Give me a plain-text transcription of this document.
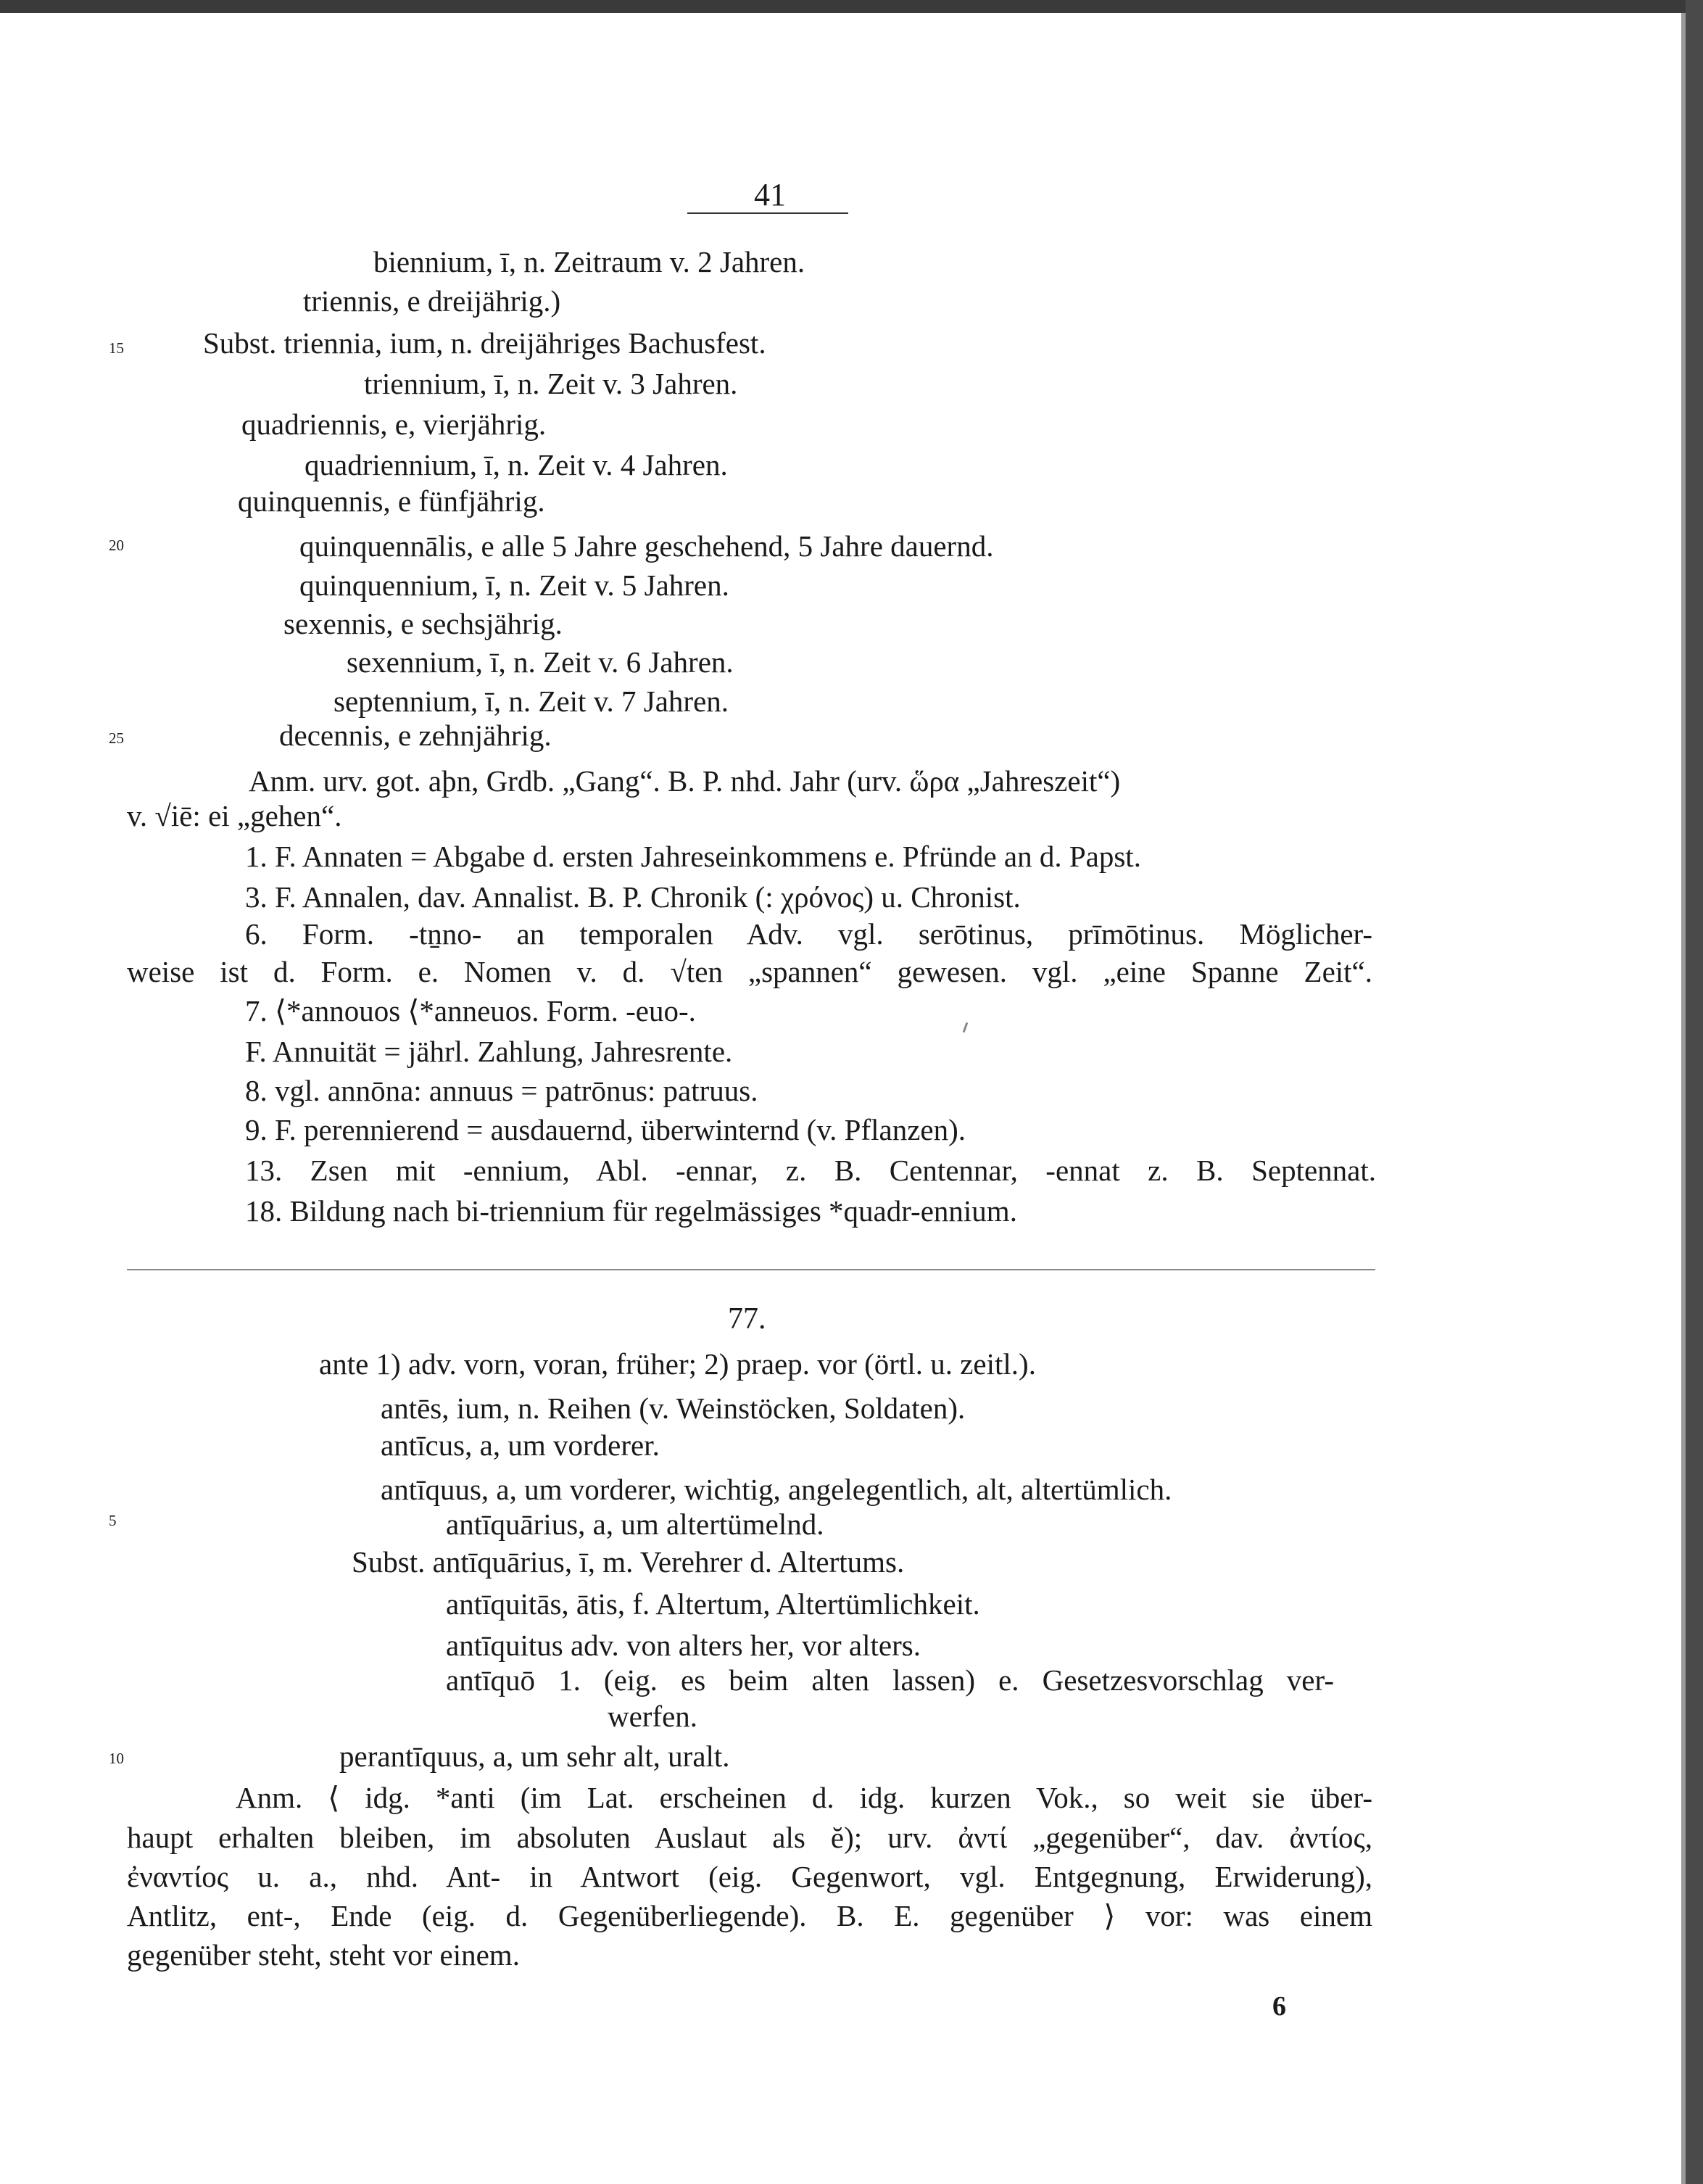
41
biennium, ī, n. Zeitraum v. 2 Jahren.
triennis, e dreijährig.)
15	Subst. triennia, ium, n. dreijähriges Bachusfest.
triennium, ī, n. Zeit v. 3 Jahren.
quadriennis, e, vierjährig.
quadriennium, ī, n. Zeit v. 4 Jahren.
quinquennis, e fünfjährig.
20	quinquennālis, e alle 5 Jahre geschehend, 5 Jahre dauernd.
quinquennium, ī, n. Zeit v. 5 Jahren.
sexennis, e sechsjährig.
sexennium, ī, n. Zeit v. 6 Jahren.
septennium, ī, n. Zeit v. 7 Jahren.
25	decennis, e zehnjährig.
Anm. urv. got. aþn, Grdb. „Gang“. B. P. nhd. Jahr (urv. ὥρα „Jahreszeit“)
v. √iē: ei „gehen“.
1. F. Annaten = Abgabe d. ersten Jahreseinkommens e. Pfründe an d. Papst.
3. F. Annalen, dav. Annalist. B. P. Chronik (: χρόνος) u. Chronist.
6. Form. -tṉno- an temporalen Adv. vgl. serōtinus, prīmōtinus. Möglicher-
weise ist d. Form. e. Nomen v. d. √ten „spannen“ gewesen. vgl. „eine Spanne Zeit“.
7. ⟨*annouos ⟨*anneuos. Form. -euo-.
F. Annuität = jährl. Zahlung, Jahresrente.
8. vgl. annōna: annuus = patrōnus: patruus.
9. F. perennierend = ausdauernd, überwinternd (v. Pflanzen).
13. Zsen mit -ennium, Abl. -ennar, z. B. Centennar, -ennat z. B. Septennat.
18. Bildung nach bi-triennium für regelmässiges *quadr-ennium.
77.
ante 1) adv. vorn, voran, früher; 2) praep. vor (örtl. u. zeitl.).
antēs, ium, n. Reihen (v. Weinstöcken, Soldaten).
antīcus, a, um vorderer.
antīquus, a, um vorderer, wichtig, angelegentlich, alt, altertümlich.
5	antīquārius, a, um altertümelnd.
Subst. antīquārius, ī, m. Verehrer d. Altertums.
antīquitās, ātis, f. Altertum, Altertümlichkeit.
antīquitus adv. von alters her, vor alters.
antīquō 1. (eig. es beim alten lassen) e. Gesetzesvorschlag ver-
werfen.
10	perantīquus, a, um sehr alt, uralt.
Anm. ⟨ idg. *anti (im Lat. erscheinen d. idg. kurzen Vok., so weit sie über-
haupt erhalten bleiben, im absoluten Auslaut als ĕ); urv. ἀντί „gegenüber“, dav. ἀντίος,
ἐναντίος u. a., nhd. Ant- in Antwort (eig. Gegenwort, vgl. Entgegnung, Erwiderung),
Antlitz, ent-, Ende (eig. d. Gegenüberliegende). B. E. gegenüber ⟩ vor: was einem
gegenüber steht, steht vor einem.
6
